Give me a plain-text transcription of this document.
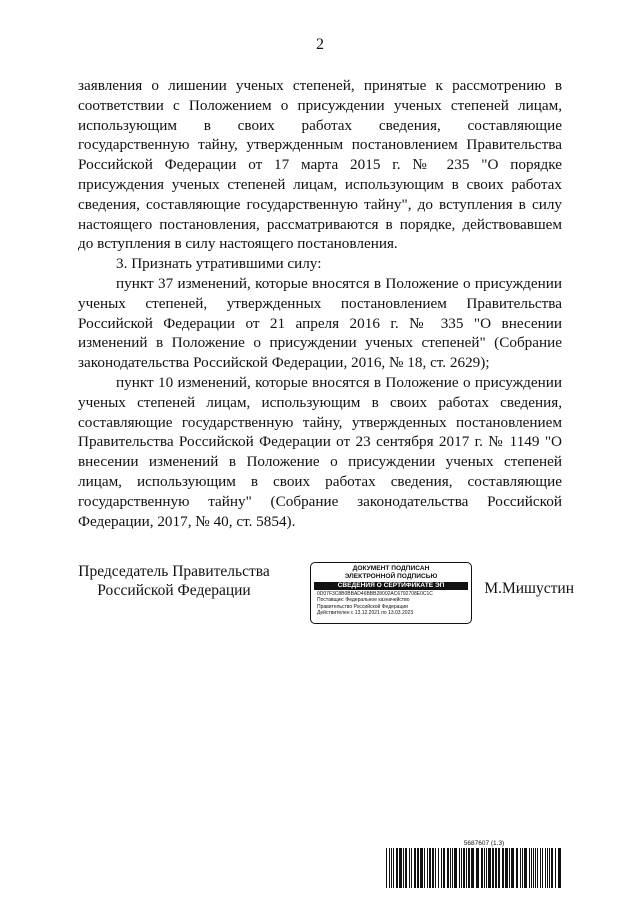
2

заявления о лишении ученых степеней, принятые к рассмотрению в соответствии с Положением о присуждении ученых степеней лицам, использующим в своих работах сведения, составляющие государственную тайну, утвержденным постановлением Правительства Российской Федерации от 17 марта 2015 г. № 235 "О порядке присуждения ученых степеней лицам, использующим в своих работах сведения, составляющие государственную тайну", до вступления в силу настоящего постановления, рассматриваются в порядке, действовавшем до вступления в силу настоящего постановления.

3. Признать утратившими силу:

пункт 37 изменений, которые вносятся в Положение о присуждении ученых степеней, утвержденных постановлением Правительства Российской Федерации от 21 апреля 2016 г. № 335 "О внесении изменений в Положение о присуждении ученых степеней" (Собрание законодательства Российской Федерации, 2016, № 18, ст. 2629);

пункт 10 изменений, которые вносятся в Положение о присуждении ученых степеней лицам, использующим в своих работах сведения, составляющие государственную тайну, утвержденных постановлением Правительства Российской Федерации от 23 сентября 2017 г. № 1149 "О внесении изменений в Положение о присуждении ученых степеней лицам, использующим в своих работах сведения, составляющие государственную тайну" (Собрание законодательства Российской Федерации, 2017, № 40, ст. 5854).

Председатель Правительства
Российской Федерации
ДОКУМЕНТ ПОДПИСАН
ЭЛЕКТРОННОЙ ПОДПИСЬЮ
СВЕДЕНИЯ О СЕРТИФИКАТЕ ЭП
0D07F3C8B0BBAD46BBB28002AC6792708E0C1C
Поставщик: Федеральное казначейство
Правительство Российской Федерации
Действителен с 13.12.2021 по 13.03.2023
М.Мишустин
5687607 (1.3)
